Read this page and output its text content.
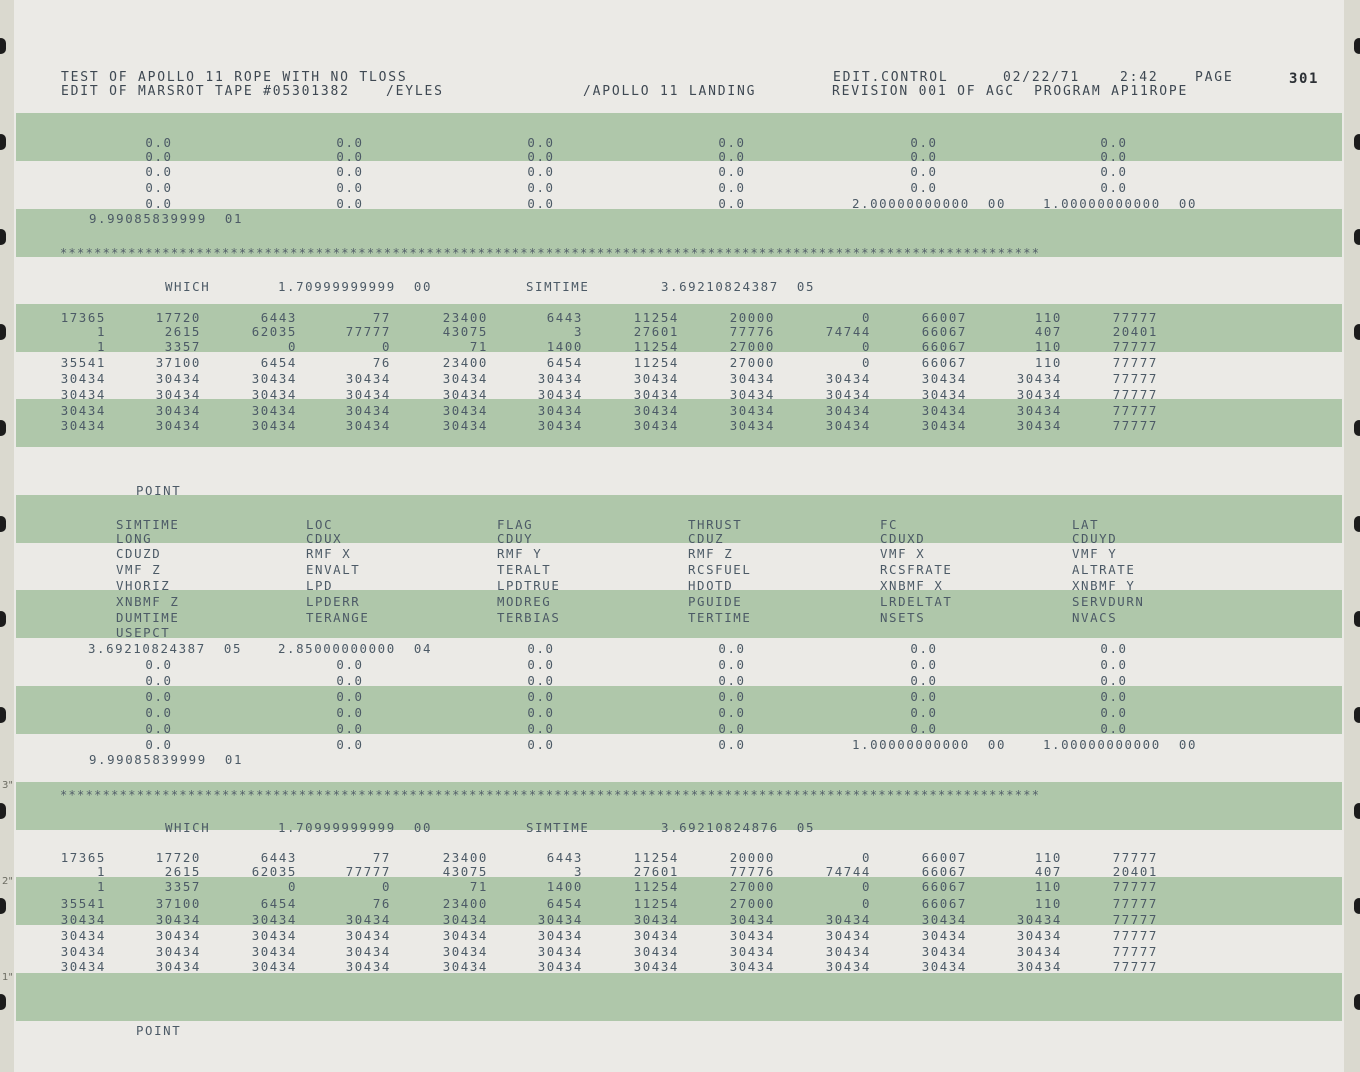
3"
2"
1"
TEST OF APOLLO 11 ROPE WITH NO TLOSS
EDIT OF MARSROT TAPE #05301382	/EYLES	/APOLLO 11 LANDING
EDIT.CONTROL	02/22/71	2:42	PAGE	301
REVISION 001 OF AGC  PROGRAM AP11ROPE
0.0	0.0	0.0	0.0	0.0	0.0
0.0	0.0	0.0	0.0	0.0	0.0
0.0	0.0	0.0	0.0	0.0	0.0
0.0	0.0	0.0	0.0	0.0	0.0
0.0	0.0	0.0	0.0	2.00000000000  00	1.00000000000  00
9.99085839999  01
*******************************************************************************************************************
*******************************************************************************************************************
WHICH	1.70999999999  00	SIMTIME	3.69210824387  05
WHICH	1.70999999999  00	SIMTIME	3.69210824876  05
17365	17720	6443	77	23400	6443	11254	20000	0	66007	110	77777
1	2615	62035	77777	43075	3	27601	77776	74744	66067	407	20401
1	3357	0	0	71	1400	11254	27000	0	66067	110	77777
35541	37100	6454	76	23400	6454	11254	27000	0	66067	110	77777
30434	30434	30434	30434	30434	30434	30434	30434	30434	30434	30434	77777
30434	30434	30434	30434	30434	30434	30434	30434	30434	30434	30434	77777
30434	30434	30434	30434	30434	30434	30434	30434	30434	30434	30434	77777
30434	30434	30434	30434	30434	30434	30434	30434	30434	30434	30434	77777
17365	17720	6443	77	23400	6443	11254	20000	0	66007	110	77777
1	2615	62035	77777	43075	3	27601	77776	74744	66067	407	20401
1	3357	0	0	71	1400	11254	27000	0	66067	110	77777
35541	37100	6454	76	23400	6454	11254	27000	0	66067	110	77777
30434	30434	30434	30434	30434	30434	30434	30434	30434	30434	30434	77777
30434	30434	30434	30434	30434	30434	30434	30434	30434	30434	30434	77777
30434	30434	30434	30434	30434	30434	30434	30434	30434	30434	30434	77777
30434	30434	30434	30434	30434	30434	30434	30434	30434	30434	30434	77777
POINT
POINT
SIMTIME	LOC	FLAG	THRUST	FC	LAT
LONG	CDUX	CDUY	CDUZ	CDUXD	CDUYD
CDUZD	RMF X	RMF Y	RMF Z	VMF X	VMF Y
VMF Z	ENVALT	TERALT	RCSFUEL	RCSFRATE	ALTRATE
VHORIZ	LPD	LPDTRUE	HDOTD	XNBMF X	XNBMF Y
XNBMF Z	LPDERR	MODREG	PGUIDE	LRDELTAT	SERVDURN
DUMTIME	TERANGE	TERBIAS	TERTIME	NSETS	NVACS
USEPCT
3.69210824387  05	2.85000000000  04	0.0	0.0	0.0	0.0
0.0	0.0	0.0	0.0	0.0	0.0
0.0	0.0	0.0	0.0	0.0	0.0
0.0	0.0	0.0	0.0	0.0	0.0
0.0	0.0	0.0	0.0	0.0	0.0
0.0	0.0	0.0	0.0	0.0	0.0
0.0	0.0	0.0	0.0	1.00000000000  00	1.00000000000  00
9.99085839999  01
